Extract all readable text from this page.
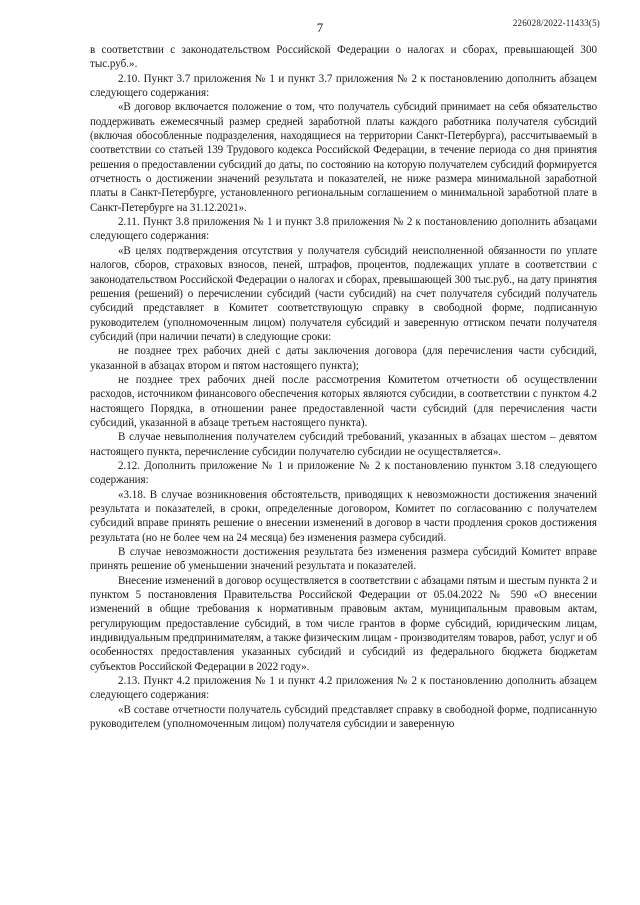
7	226028/2022-11433(5)

в соответствии с законодательством Российской Федерации о налогах и сборах, превышающей 300 тыс.руб.».

2.10. Пункт 3.7 приложения № 1 и пункт 3.7 приложения № 2 к постановлению дополнить абзацем следующего содержания:

«В договор включается положение о том, что получатель субсидий принимает на себя обязательство поддерживать ежемесячный размер средней заработной платы каждого работника получателя субсидий (включая обособленные подразделения, находящиеся на территории Санкт-Петербурга), рассчитываемый в соответствии со статьей 139 Трудового кодекса Российской Федерации, в течение периода со дня принятия решения о предоставлении субсидий до даты, по состоянию на которую получателем субсидий формируется отчетность о достижении значений результата и показателей, не ниже размера минимальной заработной платы в Санкт-Петербурге, установленного региональным соглашением о минимальной заработной плате в Санкт-Петербурге на 31.12.2021».

2.11. Пункт 3.8 приложения № 1 и пункт 3.8 приложения № 2 к постановлению дополнить абзацами следующего содержания:

«В целях подтверждения отсутствия у получателя субсидий неисполненной обязанности по уплате налогов, сборов, страховых взносов, пеней, штрафов, процентов, подлежащих уплате в соответствии с законодательством Российской Федерации о налогах и сборах, превышающей 300 тыс.руб., на дату принятия решения (решений) о перечислении субсидий (части субсидий) на счет получателя субсидий получатель субсидий представляет в Комитет соответствующую справку в свободной форме, подписанную руководителем (уполномоченным лицом) получателя субсидий и заверенную оттиском печати получателя субсидий (при наличии печати) в следующие сроки:

не позднее трех рабочих дней с даты заключения договора (для перечисления части субсидий, указанной в абзацах втором и пятом настоящего пункта);

не позднее трех рабочих дней после рассмотрения Комитетом отчетности об осуществлении расходов, источником финансового обеспечения которых являются субсидии, в соответствии с пунктом 4.2 настоящего Порядка, в отношении ранее предоставленной части субсидий (для перечисления части субсидий, указанной в абзаце третьем настоящего пункта).

В случае невыполнения получателем субсидий требований, указанных в абзацах шестом – девятом настоящего пункта, перечисление субсидии получателю субсидии не осуществляется».

2.12. Дополнить приложение № 1 и приложение № 2 к постановлению пунктом 3.18 следующего содержания:

«3.18. В случае возникновения обстоятельств, приводящих к невозможности достижения значений результата и показателей, в сроки, определенные договором, Комитет по согласованию с получателем субсидий вправе принять решение о внесении изменений в договор в части продления сроков достижения результата (но не более чем на 24 месяца) без изменения размера субсидий.

В случае невозможности достижения результата без изменения размера субсидий Комитет вправе принять решение об уменьшении значений результата и показателей.

Внесение изменений в договор осуществляется в соответствии с абзацами пятым и шестым пункта 2 и пунктом 5 постановления Правительства Российской Федерации от 05.04.2022 № 590 «О внесении изменений в общие требования к нормативным правовым актам, муниципальным правовым актам, регулирующим предоставление субсидий, в том числе грантов в форме субсидий, юридическим лицам, индивидуальным предпринимателям, а также физическим лицам - производителям товаров, работ, услуг и об особенностях предоставления указанных субсидий и субсидий из федерального бюджета бюджетам субъектов Российской Федерации в 2022 году».

2.13. Пункт 4.2 приложения № 1 и пункт 4.2 приложения № 2 к постановлению дополнить абзацем следующего содержания:

«В составе отчетности получатель субсидий представляет справку в свободной форме, подписанную руководителем (уполномоченным лицом) получателя субсидии и заверенную
